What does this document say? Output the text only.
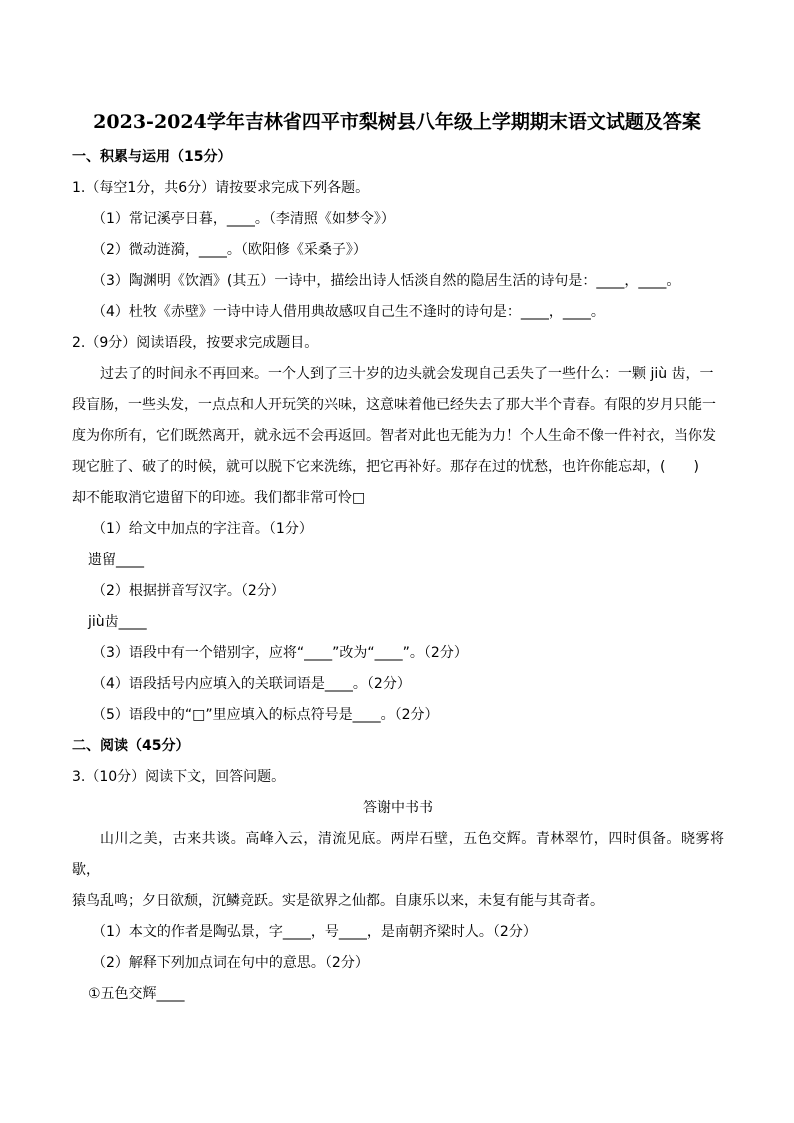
2023-2024学年吉林省四平市梨树县八年级上学期期末语文试题及答案
一、积累与运用（15分）
1.（每空1分，共6分）请按要求完成下列各题。
（1）常记溪亭日暮，____。（李清照《如梦令》）
（2）微动涟漪，____。（欧阳修《采桑子》）
（3）陶渊明《饮酒》(其五）一诗中，描绘出诗人恬淡自然的隐居生活的诗句是：____，____。
（4）杜牧《赤壁》一诗中诗人借用典故感叹自己生不逢时的诗句是：____，____。
2.（9分）阅读语段，按要求完成题目。
过去了的时间永不再回来。一个人到了三十岁的边头就会发现自己丢失了一些什么：一颗 jiù 齿，一
段盲肠，一些头发，一点点和人开玩笑的兴味，这意味着他已经失去了那大半个青春。有限的岁月只能一
度为你所有，它们既然离开，就永远不会再返回。智者对此也无能为力！个人生命不像一件衬衣，当你发
现它脏了、破了的时候，就可以脱下它来洗练，把它再补好。那存在过的忧愁，也许你能忘却，(　　)
却不能取消它遗留下的印迹。我们都非常可怜□
（1）给文中加点的字注音。（1分）
遗留____
（2）根据拼音写汉字。（2分）
jiù齿____
（3）语段中有一个错别字，应将“____”改为“____”。（2分）
（4）语段括号内应填入的关联词语是____。（2分）
（5）语段中的“□”里应填入的标点符号是____。（2分）
二、阅读（45分）
3.（10分）阅读下文，回答问题。
答谢中书书
山川之美，古来共谈。高峰入云，清流见底。两岸石壁，五色交辉。青林翠竹，四时俱备。晓雾将歇，
猿鸟乱鸣；夕日欲颓，沉鳞竞跃。实是欲界之仙都。自康乐以来，未复有能与其奇者。
（1）本文的作者是陶弘景，字____，号____，是南朝齐梁时人。（2分）
（2）解释下列加点词在句中的意思。（2分）
①五色交辉____
